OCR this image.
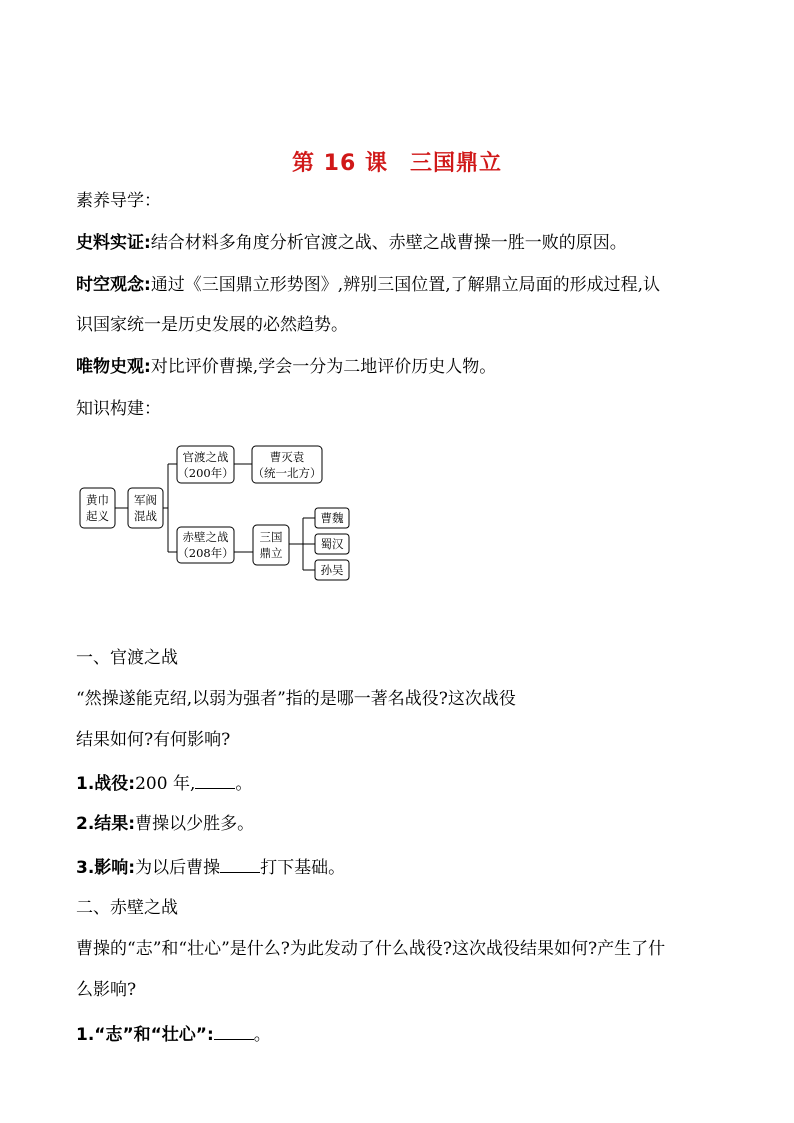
第 16 课 三国鼎立
素养导学：
史料实证:结合材料多角度分析官渡之战、赤壁之战曹操一胜一败的原因。
时空观念:通过《三国鼎立形势图》,辨别三国位置,了解鼎立局面的形成过程,认
识国家统一是历史发展的必然趋势。
唯物史观:对比评价曹操,学会一分为二地评价历史人物。
知识构建：
黄巾
起义
军阀
混战
官渡之战
（200年）
曹灭袁
（统一北方）
赤壁之战
（208年）
三国
鼎立
曹魏
蜀汉
孙吴
一、官渡之战
“然操遂能克绍,以弱为强者”指的是哪一著名战役?这次战役
结果如何?有何影响?
1.战役:200 年, 。
2.结果:曹操以少胜多。
3.影响:为以后曹操 打下基础。
二、赤壁之战
曹操的“志”和“壮心”是什么?为此发动了什么战役?这次战役结果如何?产生了什
么影响?
1.“志”和“壮心”: 。
